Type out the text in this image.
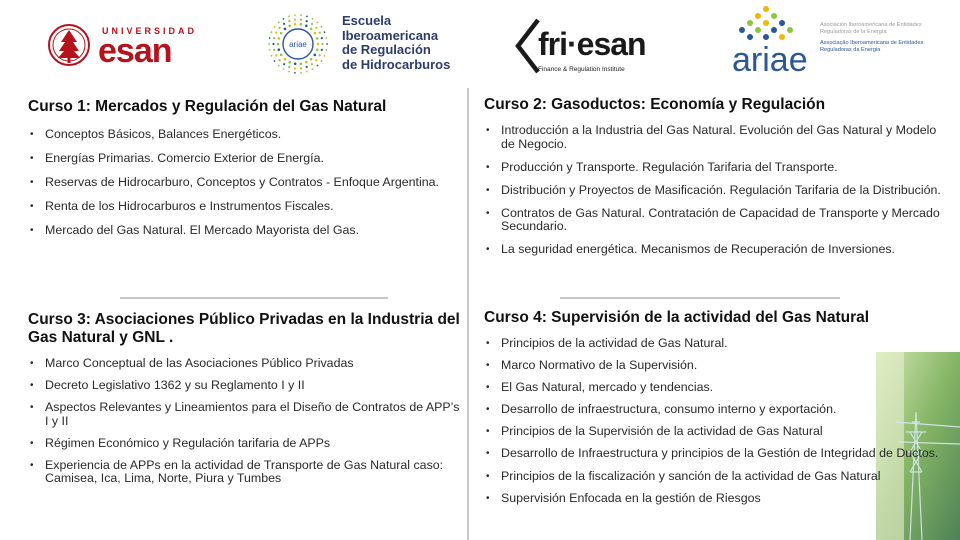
UNIVERSIDAD
esan	ariae
Escuela
Iberoamericana
de Regulación
de Hidrocarburos
fri·esan
Finance & Regulation Institute	ariae
Asociación Iberoamericana de Entidades Reguladoras de la Energía
Associação Iberoamericana de Entidades Reguladoras da Energia
Curso 1: Mercados y Regulación del Gas Natural
• Conceptos Básicos, Balances Energéticos.
• Energías Primarias. Comercio Exterior de Energía.
• Reservas de Hidrocarburo, Conceptos y Contratos - Enfoque Argentina.
• Renta de los Hidrocarburos e Instrumentos Fiscales.
• Mercado del Gas Natural. El Mercado Mayorista del Gas.
Curso 2: Gasoductos: Economía y Regulación
• Introducción a la Industria del Gas Natural. Evolución del Gas Natural y Modelo de Negocio.
• Producción y Transporte. Regulación Tarifaria del Transporte.
• Distribución y Proyectos de Masificación. Regulación Tarifaria de la Distribución.
• Contratos de Gas Natural. Contratación de Capacidad de Transporte y Mercado Secundario.
• La seguridad energética. Mecanismos de Recuperación de Inversiones.
Curso 3: Asociaciones Público Privadas en la Industria del Gas Natural y GNL .
• Marco Conceptual de las Asociaciones Público Privadas
• Decreto Legislativo 1362 y su Reglamento I y II
• Aspectos Relevantes y Lineamientos para el Diseño de Contratos de APP’s I y II
• Régimen Económico y Regulación tarifaria de APPs
• Experiencia de APPs en la actividad de Transporte de Gas Natural caso: Camisea, Ica, Lima, Norte, Piura y Tumbes
Curso 4: Supervisión de la actividad del Gas Natural
• Principios de la actividad de Gas Natural.
• Marco Normativo de la Supervisión.
• El Gas Natural, mercado y tendencias.
• Desarrollo de infraestructura, consumo interno y exportación.
• Principios de la Supervisión de la actividad de Gas Natural
• Desarrollo de Infraestructura y principios de la Gestión de Integridad de Ductos.
• Principios de la fiscalización y sanción de la actividad de Gas Natural
• Supervisión Enfocada en la gestión de Riesgos
